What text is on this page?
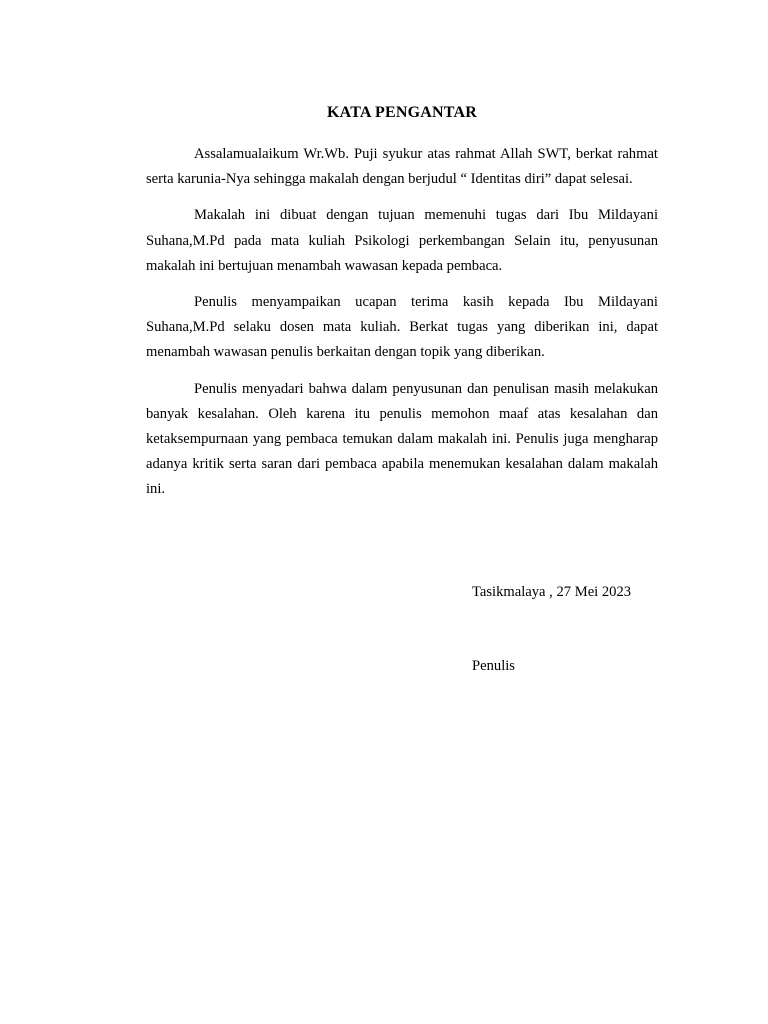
KATA PENGANTAR

Assalamualaikum Wr.Wb. Puji syukur atas rahmat Allah SWT, berkat rahmat serta karunia-Nya sehingga makalah dengan berjudul “ Identitas diri” dapat selesai.

Makalah ini dibuat dengan tujuan memenuhi tugas dari Ibu Mildayani Suhana,M.Pd pada mata kuliah Psikologi perkembangan Selain itu, penyusunan makalah ini bertujuan menambah wawasan kepada pembaca.

Penulis menyampaikan ucapan terima kasih kepada Ibu Mildayani Suhana,M.Pd selaku dosen mata kuliah. Berkat tugas yang diberikan ini, dapat menambah wawasan penulis berkaitan dengan topik yang diberikan.

Penulis menyadari bahwa dalam penyusunan dan penulisan masih melakukan banyak kesalahan. Oleh karena itu penulis memohon maaf atas kesalahan dan ketaksempurnaan yang pembaca temukan dalam makalah ini. Penulis juga mengharap adanya kritik serta saran dari pembaca apabila menemukan kesalahan dalam makalah ini.

Tasikmalaya , 27 Mei 2023
Penulis
